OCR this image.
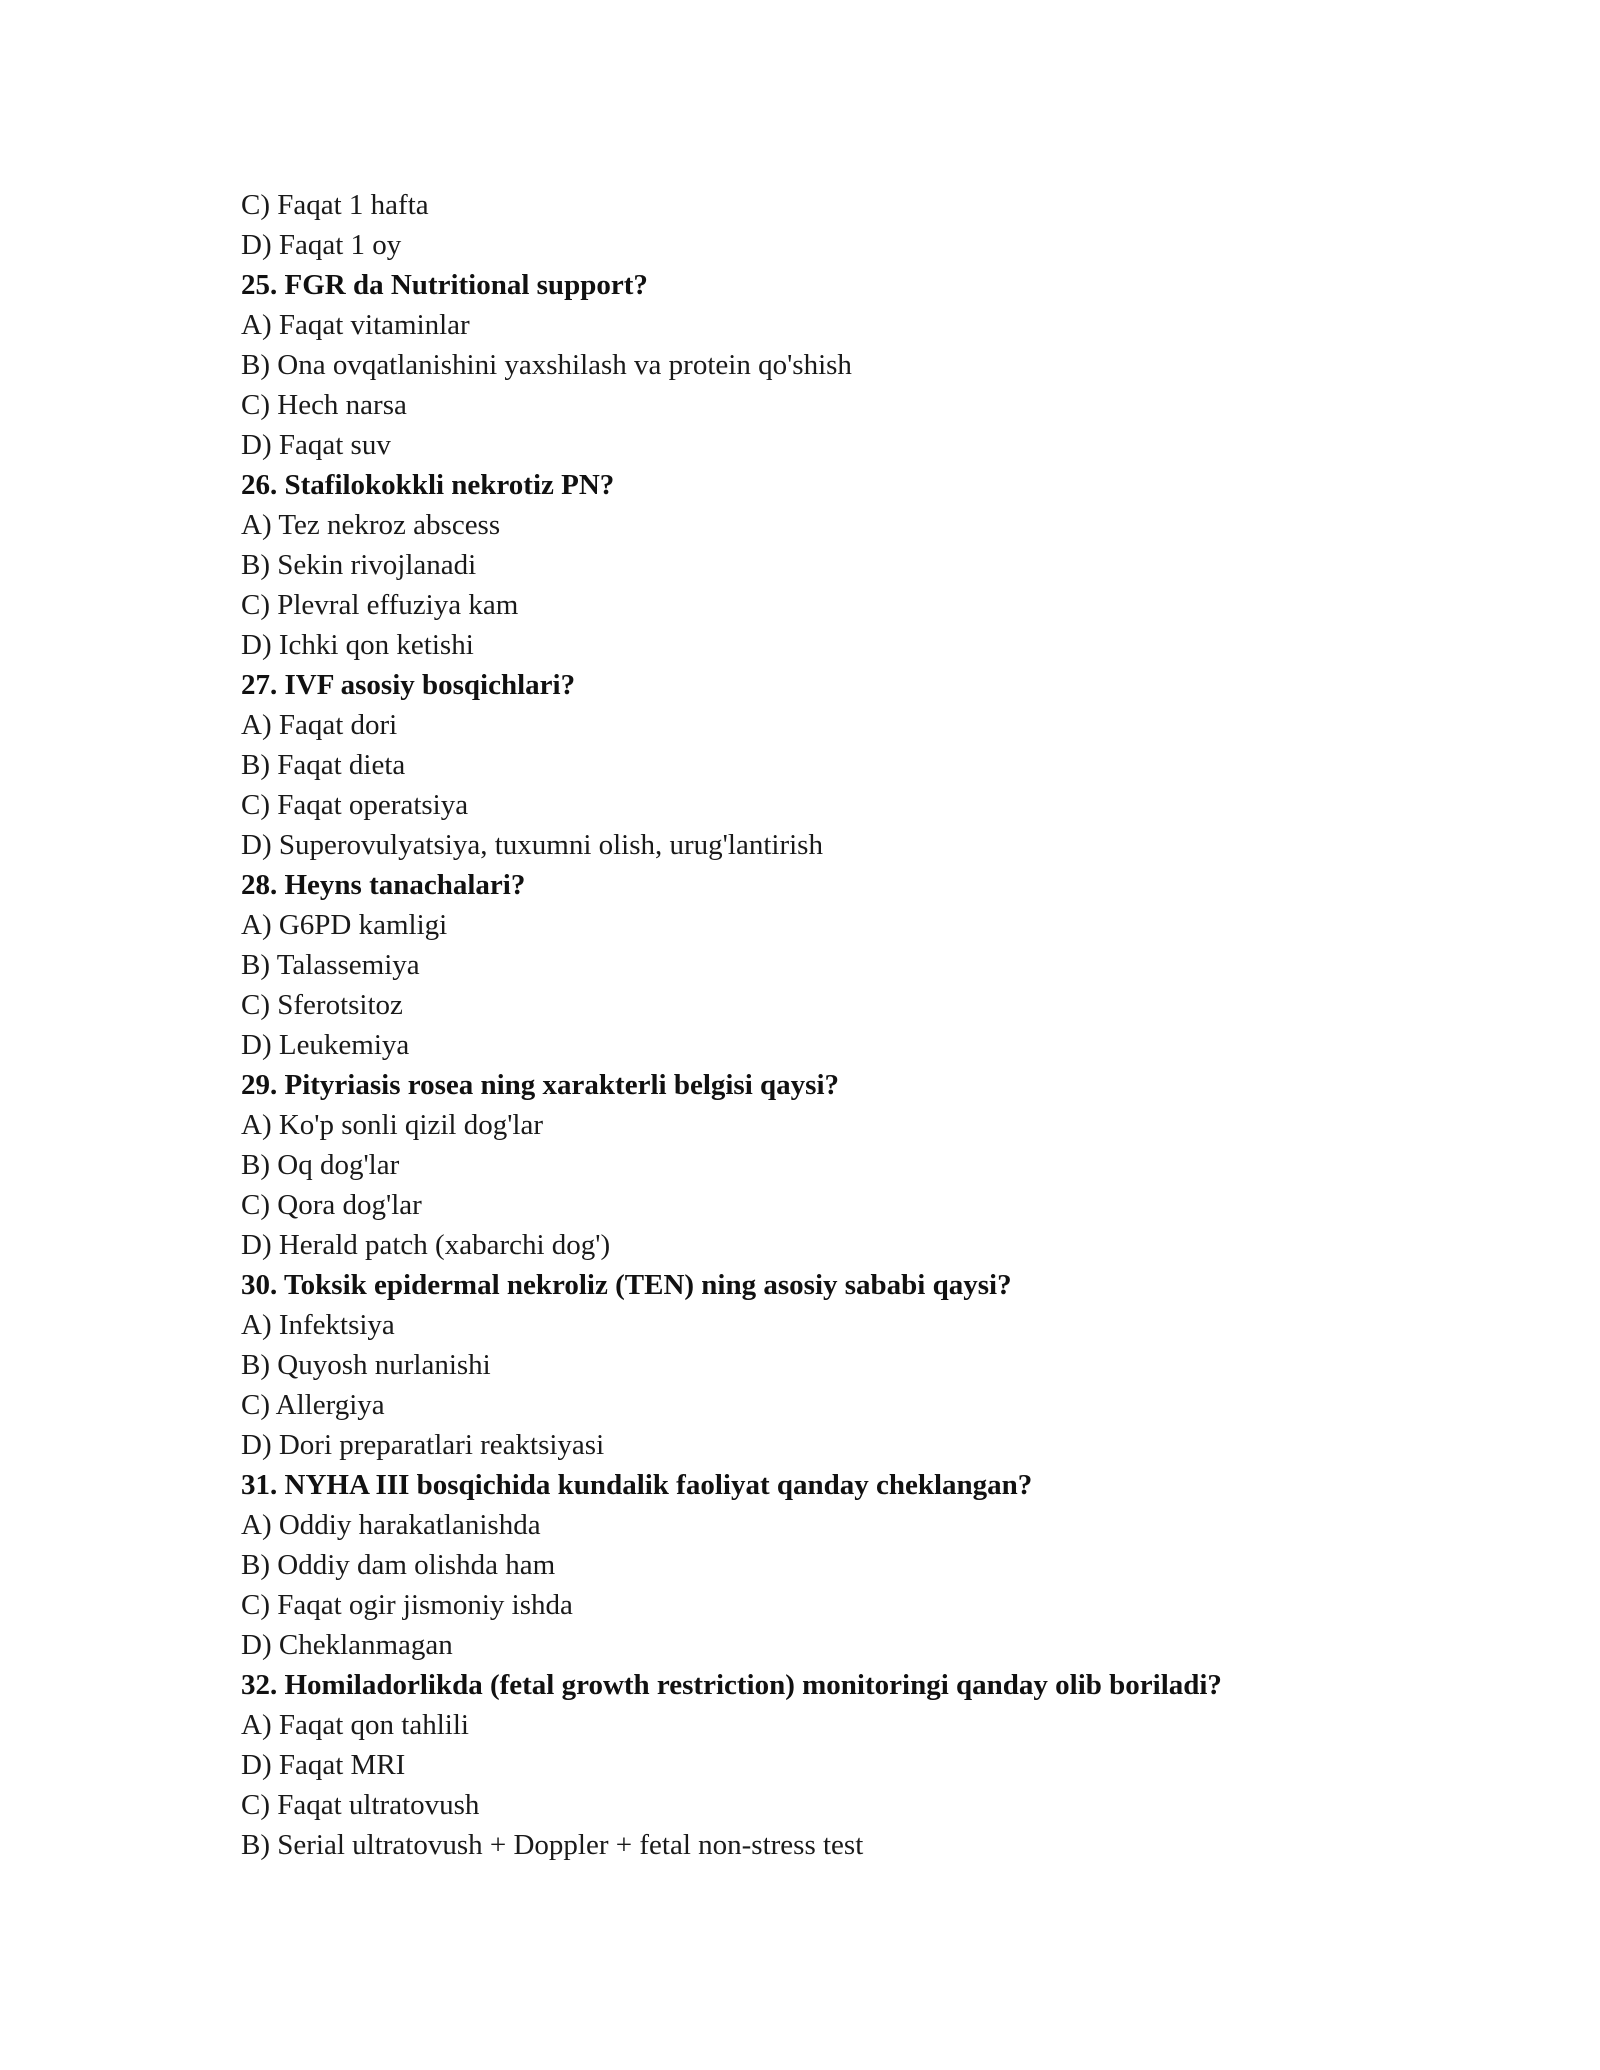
C) Faqat 1 hafta
D) Faqat 1 oy
25. FGR da Nutritional support?
A) Faqat vitaminlar
B) Ona ovqatlanishini yaxshilash va protein qo'shish
C) Hech narsa
D) Faqat suv
26. Stafilokokkli nekrotiz PN?
A) Tez nekroz abscess
B) Sekin rivojlanadi
C) Plevral effuziya kam
D) Ichki qon ketishi
27. IVF asosiy bosqichlari?
A) Faqat dori
B) Faqat dieta
C) Faqat operatsiya
D) Superovulyatsiya, tuxumni olish, urug'lantirish
28. Heyns tanachalari?
A) G6PD kamligi
B) Talassemiya
C) Sferotsitoz
D) Leukemiya
29. Pityriasis rosea ning xarakterli belgisi qaysi?
A) Ko'p sonli qizil dog'lar
B) Oq dog'lar
C) Qora dog'lar
D) Herald patch (xabarchi dog')
30. Toksik epidermal nekroliz (TEN) ning asosiy sababi qaysi?
A) Infektsiya
B) Quyosh nurlanishi
C) Allergiya
D) Dori preparatlari reaktsiyasi
31. NYHA III bosqichida kundalik faoliyat qanday cheklangan?
A) Oddiy harakatlanishda
B) Oddiy dam olishda ham
C) Faqat ogir jismoniy ishda
D) Cheklanmagan
32. Homiladorlikda (fetal growth restriction) monitoringi qanday olib boriladi?
A) Faqat qon tahlili
D) Faqat MRI
C) Faqat ultratovush
B) Serial ultratovush + Doppler + fetal non-stress test
